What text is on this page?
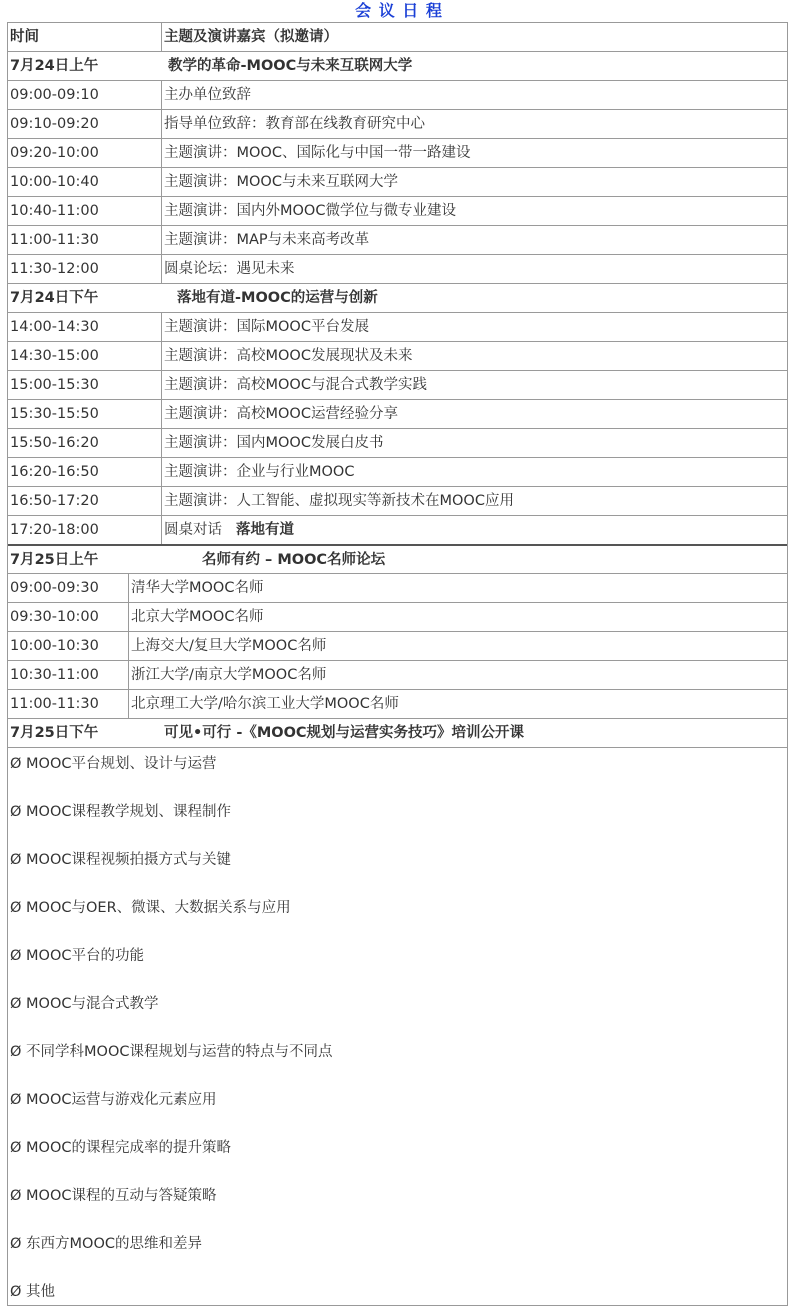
会 议 日 程
时间	主题及演讲嘉宾（拟邀请）
7月24日上午	教学的革命-MOOC与未来互联网大学
09:00-09:10	主办单位致辞
09:10-09:20	指导单位致辞：教育部在线教育研究中心
09:20-10:00	主题演讲：MOOC、国际化与中国一带一路建设
10:00-10:40	主题演讲：MOOC与未来互联网大学
10:40-11:00	主题演讲：国内外MOOC微学位与微专业建设
11:00-11:30	主题演讲：MAP与未来高考改革
11:30-12:00	圆桌论坛：遇见未来
7月24日下午	落地有道-MOOC的运营与创新
14:00-14:30	主题演讲：国际MOOC平台发展
14:30-15:00	主题演讲：高校MOOC发展现状及未来
15:00-15:30	主题演讲：高校MOOC与混合式教学实践
15:30-15:50	主题演讲：高校MOOC运营经验分享
15:50-16:20	主题演讲：国内MOOC发展白皮书
16:20-16:50	主题演讲：企业与行业MOOC
16:50-17:20	主题演讲：人工智能、虚拟现实等新技术在MOOC应用
17:20-18:00	圆桌对话 落地有道
7月25日上午	名师有约 – MOOC名师论坛
09:00-09:30	清华大学MOOC名师
09:30-10:00	北京大学MOOC名师
10:00-10:30	上海交大/复旦大学MOOC名师
10:30-11:00	浙江大学/南京大学MOOC名师
11:00-11:30	北京理工大学/哈尔滨工业大学MOOC名师
7月25日下午	可见•可行 -《MOOC规划与运营实务技巧》培训公开课
Ø MOOC平台规划、设计与运营
Ø MOOC课程教学规划、课程制作
Ø MOOC课程视频拍摄方式与关键
Ø MOOC与OER、微课、大数据关系与应用
Ø MOOC平台的功能
Ø MOOC与混合式教学
Ø 不同学科MOOC课程规划与运营的特点与不同点
Ø MOOC运营与游戏化元素应用
Ø MOOC的课程完成率的提升策略
Ø MOOC课程的互动与答疑策略
Ø 东西方MOOC的思维和差异
Ø 其他
